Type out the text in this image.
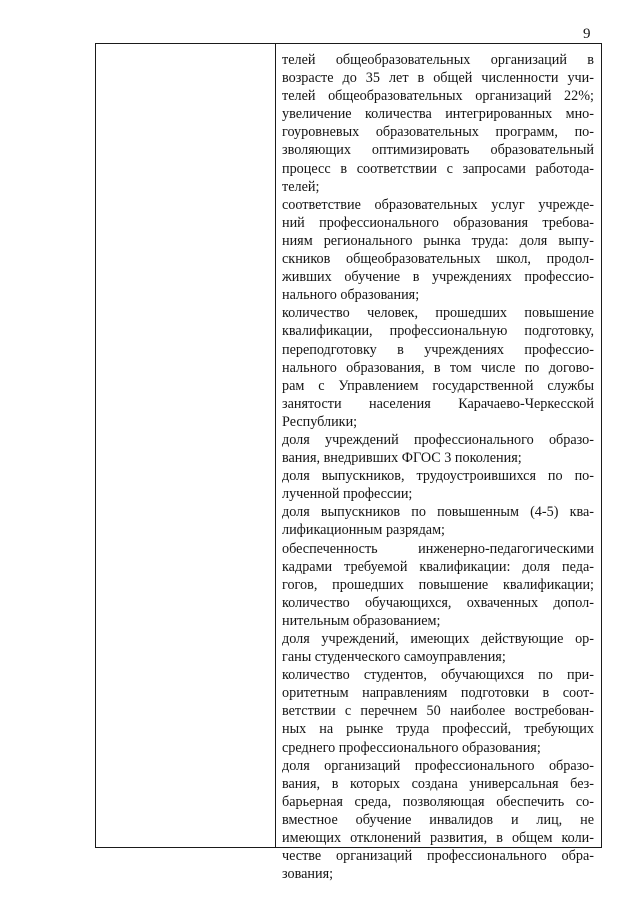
9
телей общеобразовательных организаций в
возрасте до 35 лет в общей численности учи-
телей общеобразовательных организаций 22%;
увеличение количества интегрированных мно-
гоуровневых образовательных программ, по-
зволяющих оптимизировать образовательный
процесс в соответствии с запросами работода-
телей;
соответствие образовательных услуг учрежде-
ний профессионального образования требова-
ниям регионального рынка труда: доля выпу-
скников общеобразовательных школ, продол-
живших обучение в учреждениях профессио-
нального образования;
количество человек, прошедших повышение
квалификации, профессиональную подготовку,
переподготовку в учреждениях профессио-
нального образования, в том числе по догово-
рам с Управлением государственной службы
занятости населения Карачаево-Черкесской
Республики;
доля учреждений профессионального образо-
вания, внедривших ФГОС 3 поколения;
доля выпускников, трудоустроившихся по по-
лученной профессии;
доля выпускников по повышенным (4-5) ква-
лификационным разрядам;
обеспеченность инженерно-педагогическими
кадрами требуемой квалификации: доля педа-
гогов, прошедших повышение квалификации;
количество обучающихся, охваченных допол-
нительным образованием;
доля учреждений, имеющих действующие ор-
ганы студенческого самоуправления;
количество студентов, обучающихся по при-
оритетным направлениям подготовки в соот-
ветствии с перечнем 50 наиболее востребован-
ных на рынке труда профессий, требующих
среднего профессионального образования;
доля организаций профессионального образо-
вания, в которых создана универсальная без-
барьерная среда, позволяющая обеспечить со-
вместное обучение инвалидов и лиц, не
имеющих отклонений развития, в общем коли-
честве организаций профессионального обра-
зования;
